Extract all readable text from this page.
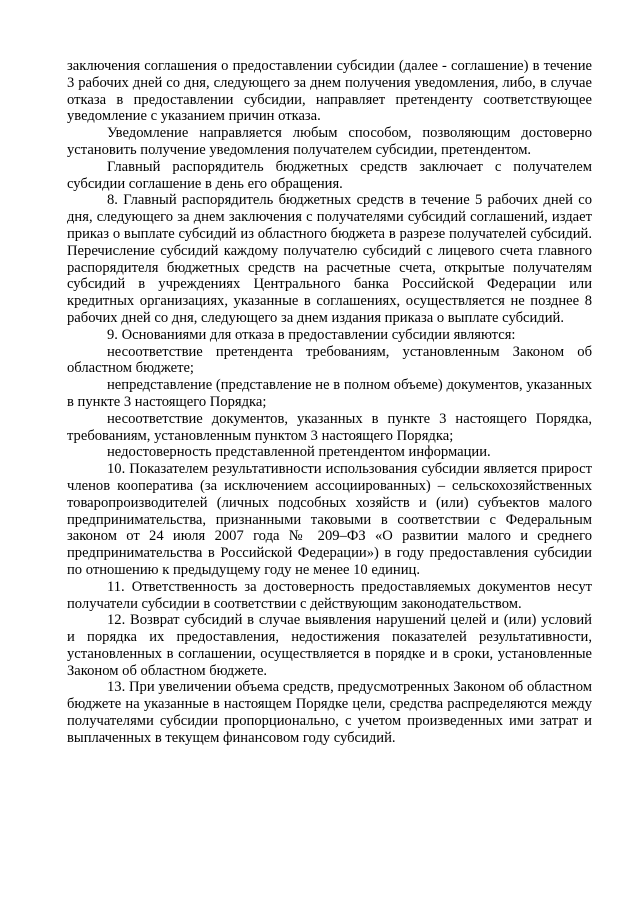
заключения соглашения о предоставлении субсидии (далее - соглашение) в течение 3 рабочих дней со дня, следующего за днем получения уведомления, либо, в случае отказа в предоставлении субсидии, направляет претенденту соответствующее уведомление с указанием причин отказа.

Уведомление направляется любым способом, позволяющим достоверно установить получение уведомления получателем субсидии, претендентом.

Главный распорядитель бюджетных средств заключает с получателем субсидии соглашение в день его обращения.

8. Главный распорядитель бюджетных средств в течение 5 рабочих дней со дня, следующего за днем заключения с получателями субсидий соглашений, издает приказ о выплате субсидий из областного бюджета в разрезе получателей субсидий. Перечисление субсидий каждому получателю субсидий с лицевого счета главного распорядителя бюджетных средств на расчетные счета, открытые получателям субсидий в учреждениях Центрального банка Российской Федерации или кредитных организациях, указанные в соглашениях, осуществляется не позднее 8 рабочих дней со дня, следующего за днем издания приказа о выплате субсидий.

9. Основаниями для отказа в предоставлении субсидии являются:

несоответствие претендента требованиям, установленным Законом об областном бюджете;

непредставление (представление не в полном объеме) документов, указанных в пункте 3 настоящего Порядка;

несоответствие документов, указанных в пункте 3 настоящего Порядка, требованиям, установленным пунктом 3 настоящего Порядка;

недостоверность представленной претендентом информации.

10. Показателем результативности использования субсидии является прирост членов кооператива (за исключением ассоциированных) – сельскохозяйственных товаропроизводителей (личных подсобных хозяйств и (или) субъектов малого предпринимательства, признанными таковыми в соответствии с Федеральным законом от 24 июля 2007 года № 209–ФЗ «О развитии малого и среднего предпринимательства в Российской Федерации») в году предоставления субсидии по отношению к предыдущему году не менее 10 единиц.

11. Ответственность за достоверность предоставляемых документов несут получатели субсидии в соответствии с действующим законодательством.

12. Возврат субсидий в случае выявления нарушений целей и (или) условий и порядка их предоставления, недостижения показателей результативности, установленных в соглашении, осуществляется в порядке и в сроки, установленные Законом об областном бюджете.

13. При увеличении объема средств, предусмотренных Законом об областном бюджете на указанные в настоящем Порядке цели, средства распределяются между получателями субсидии пропорционально, с учетом произведенных ими затрат и выплаченных в текущем финансовом году субсидий.
